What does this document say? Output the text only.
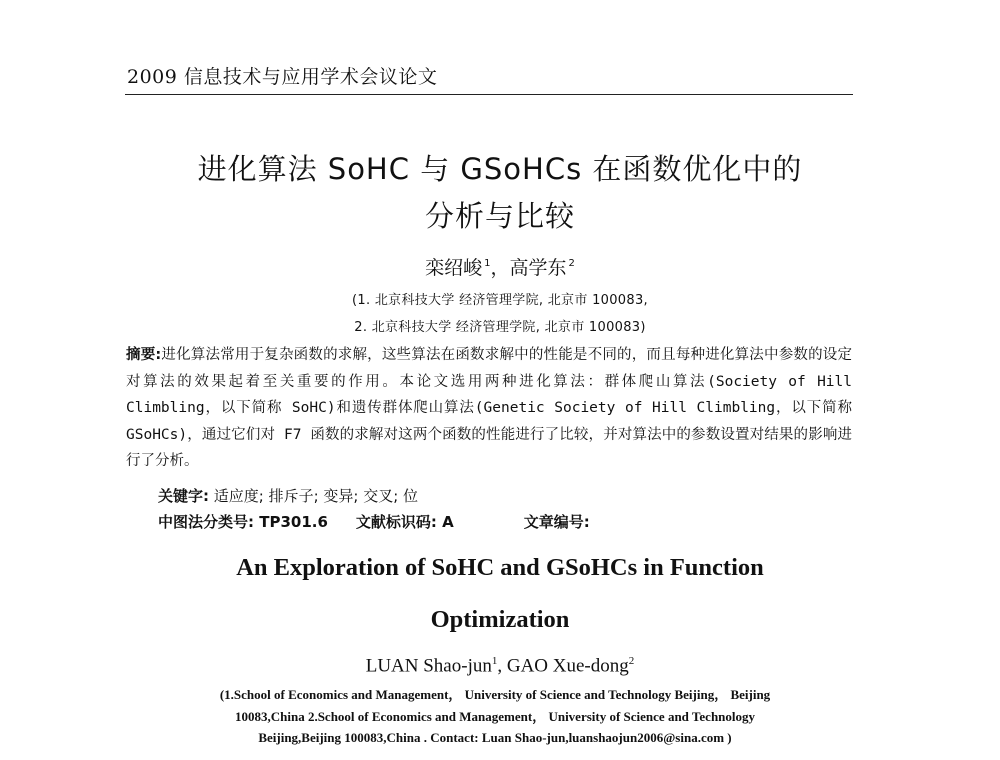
2009 信息技术与应用学术会议论文
进化算法 SoHC 与 GSoHCs 在函数优化中的
分析与比较
栾绍峻 $^1$，高学东 $^2$
(1. 北京科技大学 经济管理学院, 北京市 100083,
2. 北京科技大学 经济管理学院, 北京市 100083)
摘要:进化算法常用于复杂函数的求解，这些算法在函数求解中的性能是不同的，而且每种进化算法中参数的设定对算法的效果起着至关重要的作用。本论文选用两种进化算法：群体爬山算法(Society of Hill Climbling，以下简称 SoHC)和遗传群体爬山算法(Genetic Society of Hill Climbling，以下简称 GSoHCs)，通过它们对 F7 函数的求解对这两个函数的性能进行了比较，并对算法中的参数设置对结果的影响进行了分析。
关键字: 适应度; 排斥子; 变异; 交叉; 位
中图法分类号: TP301.6 文献标识码: A	文章编号:
An Exploration of SoHC and GSoHCs in Function
Optimization
LUAN Shao-jun$^1$, GAO Xue-dong$^2$
(1.School of Economics and Management， University of Science and Technology Beijing， Beijing
10083,China 2.School of Economics and Management， University of Science and Technology
Beijing,Beijing 100083,China . Contact: Luan Shao-jun,luanshaojun2006@sina.com )
